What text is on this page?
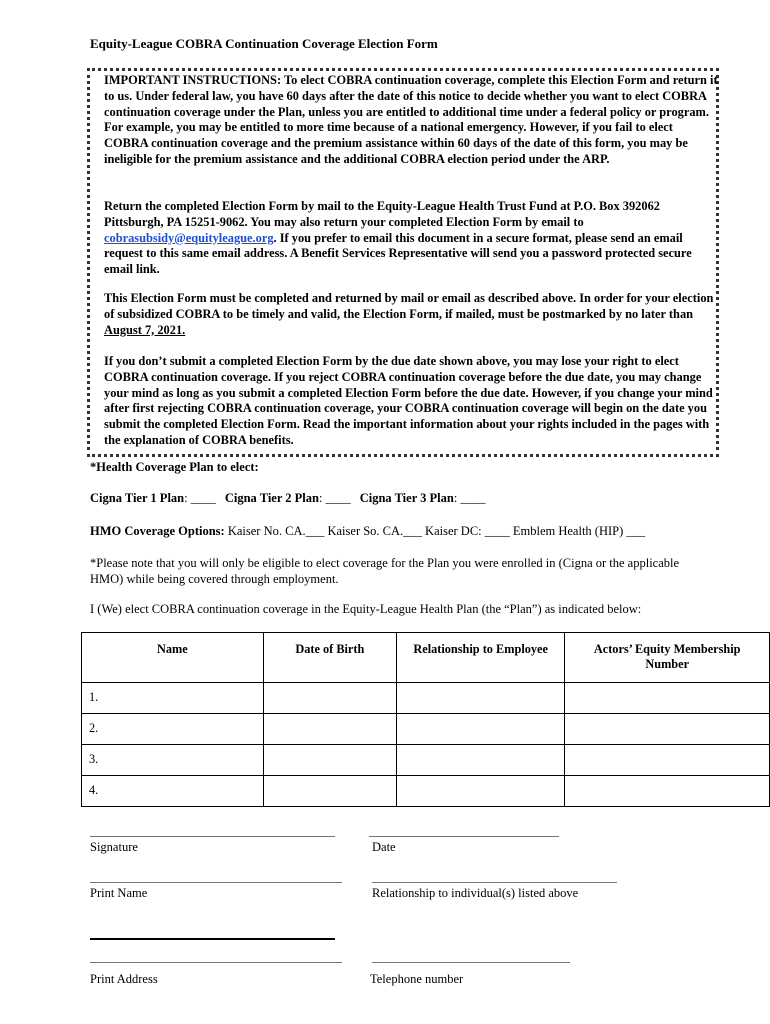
Equity-League COBRA Continuation Coverage Election Form
IMPORTANT INSTRUCTIONS: To elect COBRA continuation coverage, complete this Election Form and return it to us. Under federal law, you have 60 days after the date of this notice to decide whether you want to elect COBRA continuation coverage under the Plan, unless you are entitled to additional time under a federal policy or program. For example, you may be entitled to more time because of a national emergency. However, if you fail to elect COBRA continuation coverage and the premium assistance within 60 days of the date of this form, you may be ineligible for the premium assistance and the additional COBRA election period under the ARP.
Return the completed Election Form by mail to the Equity-League Health Trust Fund at P.O. Box 392062 Pittsburgh, PA 15251-9062. You may also return your completed Election Form by email to cobrasubsidy@equityleague.org. If you prefer to email this document in a secure format, please send an email request to this same email address. A Benefit Services Representative will send you a password protected secure email link.
This Election Form must be completed and returned by mail or email as described above. In order for your election of subsidized COBRA to be timely and valid, the Election Form, if mailed, must be postmarked by no later than August 7, 2021.
If you don’t submit a completed Election Form by the due date shown above, you may lose your right to elect COBRA continuation coverage. If you reject COBRA continuation coverage before the due date, you may change your mind as long as you submit a completed Election Form before the due date. However, if you change your mind after first rejecting COBRA continuation coverage, your COBRA continuation coverage will begin on the date you submit the completed Election Form. Read the important information about your rights included in the pages with the explanation of COBRA benefits.
*Health Coverage Plan to elect:
Cigna Tier 1 Plan: ____ Cigna Tier 2 Plan: ____ Cigna Tier 3 Plan: ____
HMO Coverage Options: Kaiser No. CA.___ Kaiser So. CA.___ Kaiser DC: ____ Emblem Health (HIP) ___
*Please note that you will only be eligible to elect coverage for the Plan you were enrolled in (Cigna or the applicable HMO) while being covered through employment.
I (We) elect COBRA continuation coverage in the Equity-League Health Plan (the “Plan”) as indicated below:
Name	Date of Birth	Relationship to Employee	Actors’ Equity Membership Number
1.			
2.			
3.			
4.			
Signature	Date
Print Name	Relationship to individual(s) listed above
Print Address	Telephone number
